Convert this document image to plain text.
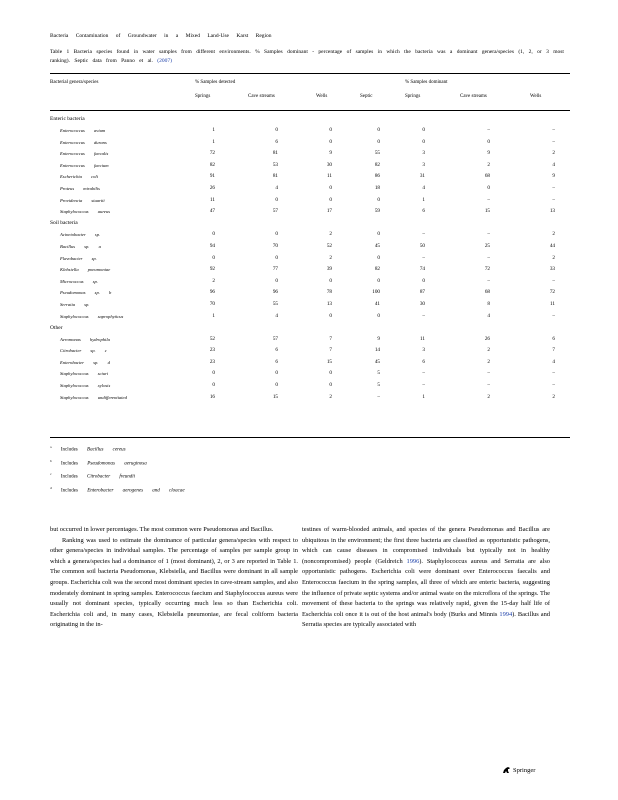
Bacteria Contamination of Groundwater in a Mixed Land-Use Karst Region
Table 1 Bacteria species found in water samples from different environments. % Samples dominant - percentage of samples in which the bacteria was a dominant genera/species (1, 2, or 3 most ranking). Septic data from Panno et al. (2007)
Bacterial genera/species	% Samples detected	% Samples dominant
Springs	Cave streams	Wells	Septic	Springs	Cave streams	Wells
Enteric bacteria
Enterococcus avium	1	0	0	0	0	–	–
Enterococcus durans	1	6	0	0	0	0	–
Enterococcus faecalis	72	81	9	55	3	9	2
Enterococcus faecium	82	53	30	82	3	2	4
Escherichia coli	91	81	11	86	31	68	9
Proteus mirabilis	26	4	0	18	4	0	–
Providencia stuartii	11	0	0	0	1	–	–
Staphylococcus aureus	47	57	17	59	6	15	13
Soil bacteria
Acinetobacter sp.	0	0	2	0	–	–	2
Bacillus sp. a	94	70	52	45	50	25	44
Flavobacter sp.	0	0	2	0	–	–	2
Klebsiella pneumoniae	92	77	39	82	74	72	33
Micrococcus sp.	2	0	0	0	0	–	–
Pseudomonas sp. b	96	96	78	100	87	68	72
Serratia sp.	70	55	13	41	30	8	11
Staphylococcus saprophyticus	1	4	0	0	–	4	–
Other
Aeromonas hydrophila	52	57	7	9	11	26	6
Citrobacter sp. c	23	6	7	14	3	2	7
Enterobacter sp. d	23	6	15	45	6	2	4
Staphylococcus sciuri	0	0	0	5	–	–	–
Staphylococcus xylosis	0	0	0	5	–	–	–
Staphylococcus undifferentiated	16	15	2	–	1	2	2
$^a$ Includes Bacillus cereus
$^b$ Includes Pseudomonas aeruginosa
$^c$ Includes Citrobacter freundii
$^d$ Includes Enterobacter aerogenes and cloacae

but occurred in lower percentages. The most common were Pseudomonas and Bacillus.

Ranking was used to estimate the dominance of particular genera/species with respect to other genera/species in individual samples. The percentage of samples per sample group in which a genera/species had a dominance of 1 (most dominant), 2, or 3 are reported in Table 1. The common soil bacteria Pseudomonas, Klebsiella, and Bacillus were dominant in all sample groups. Escherichia coli was the second most dominant species in cave-stream samples, and also moderately dominant in spring samples. Enterococcus faecium and Staphylococcus aureus were usually not dominant species, typically occurring much less so than Escherichia coli. Escherichia coli and, in many cases, Klebsiella pneumoniae, are fecal coliform bacteria originating in the in-

testines of warm-blooded animals, and species of the genera Pseudomonas and Bacillus are ubiquitous in the environment; the first three bacteria are classified as opportunistic pathogens, which can cause diseases in compromised individuals but typically not in healthy (noncompromised) people (Geldreich 1996). Staphylococcus aureus and Serratia are also opportunistic pathogens. Escherichia coli were dominant over Enterococcus faecalis and Enterococcus faecium in the spring samples, all three of which are enteric bacteria, suggesting the influence of private septic systems and/or animal waste on the microflora of the springs. The movement of these bacteria to the springs was relatively rapid, given the 15-day half life of Escherichia coli once it is out of the host animal's body (Burks and Minnis 1994). Bacillus and Serratia species are typically associated with

Springer
